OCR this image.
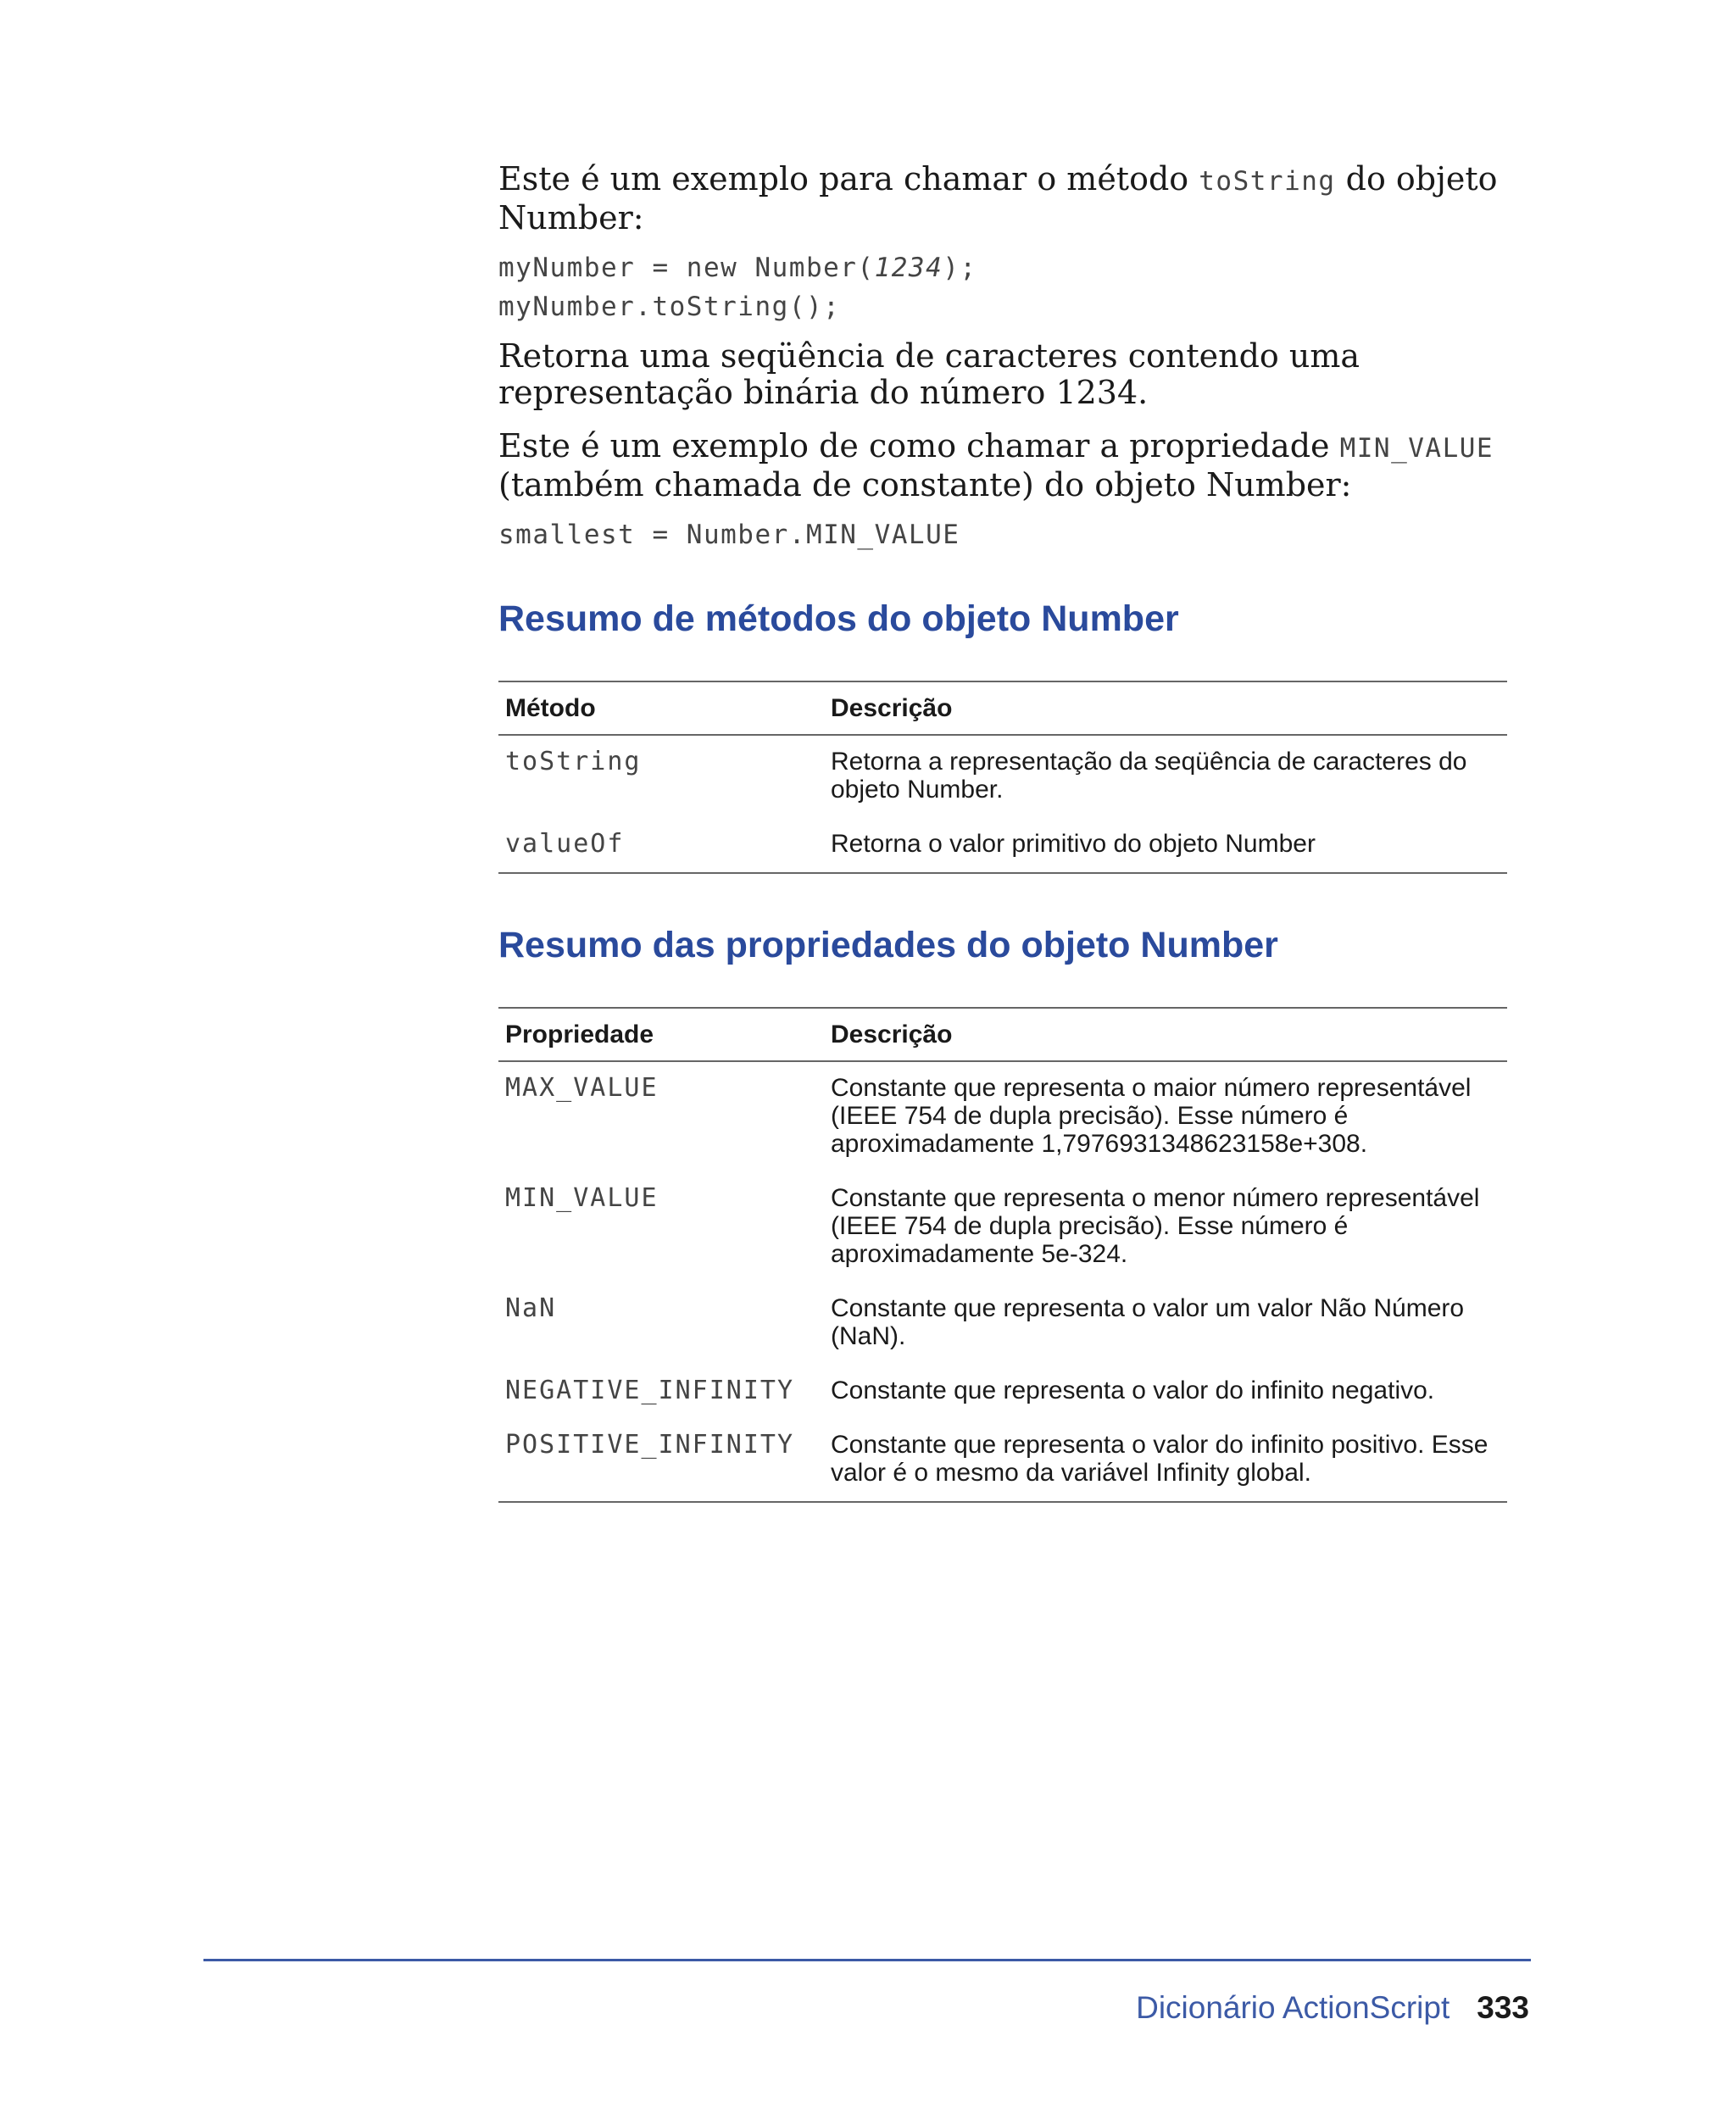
Este é um exemplo para chamar o método toString do objeto Number:

myNumber = new Number(1234);
myNumber.toString();

Retorna uma seqüência de caracteres contendo uma representação binária do número 1234.

Este é um exemplo de como chamar a propriedade MIN_VALUE (também chamada de constante) do objeto Number:

smallest = Number.MIN_VALUE
Resumo de métodos do objeto Number
Método	Descrição
toString	Retorna a representação da seqüência de caracteres do objeto Number.
valueOf	Retorna o valor primitivo do objeto Number
Resumo das propriedades do objeto Number
Propriedade	Descrição
MAX_VALUE	Constante que representa o maior número representável (IEEE 754 de dupla precisão). Esse número é aproximadamente 1,7976931348623158e+308.
MIN_VALUE	Constante que representa o menor número representável (IEEE 754 de dupla precisão). Esse número é aproximadamente 5e-324.
NaN	Constante que representa o valor um valor Não Número (NaN).
NEGATIVE_INFINITY	Constante que representa o valor do infinito negativo.
POSITIVE_INFINITY	Constante que representa o valor do infinito positivo. Esse valor é o mesmo da variável Infinity global.
Dicionário ActionScript 333
